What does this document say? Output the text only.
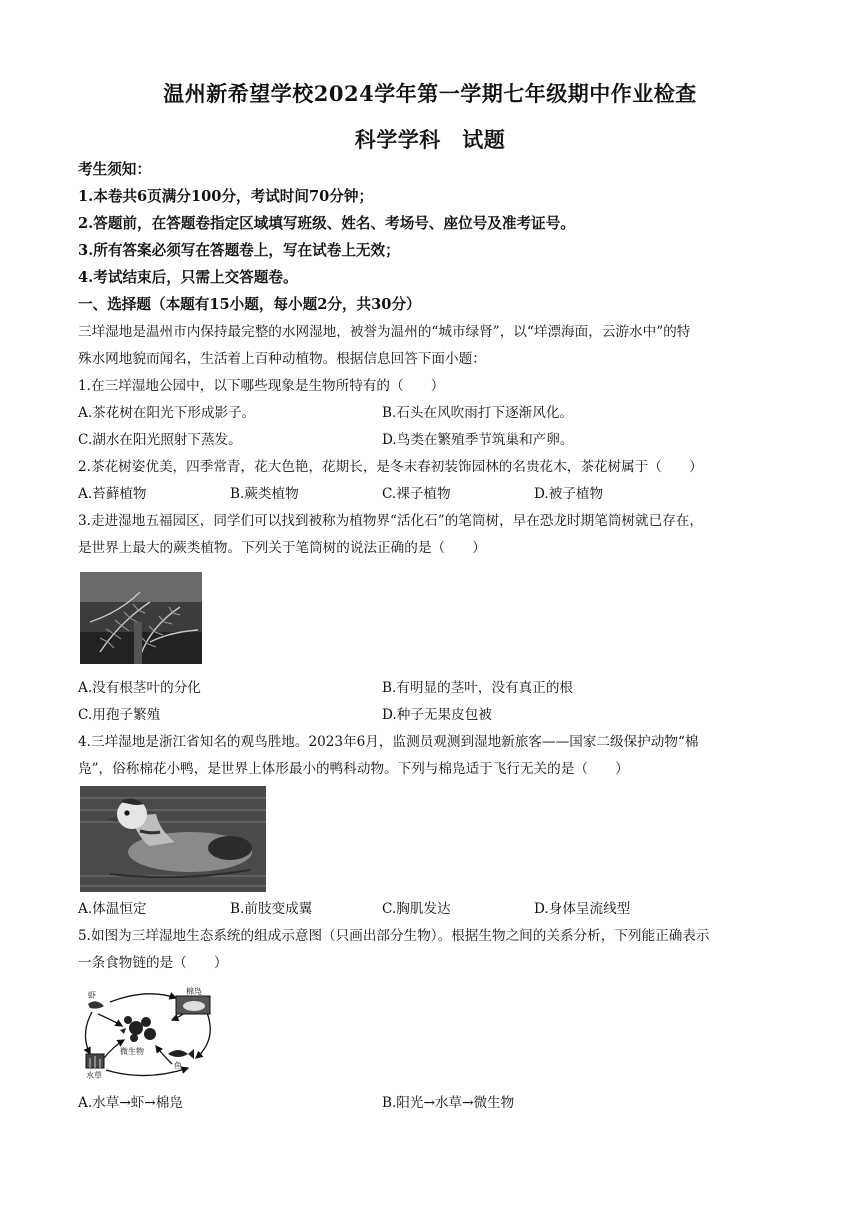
温州新希望学校2024学年第一学期七年级期中作业检查
科学学科　试题
考生须知：
1.本卷共6页满分100分，考试时间70分钟；
2.答题前，在答题卷指定区域填写班级、姓名、考场号、座位号及准考证号。
3.所有答案必须写在答题卷上，写在试卷上无效；
4.考试结束后，只需上交答题卷。
一、选择题（本题有15小题，每小题2分，共30分）
三垟湿地是温州市内保持最完整的水网湿地，被誉为温州的“城市绿肾”，以“垟漂海面，云游水中”的特
殊水网地貌而闻名，生活着上百种动植物。根据信息回答下面小题：
1.在三垟湿地公园中，以下哪些现象是生物所特有的（　　）
A.茶花树在阳光下形成影子。	B.石头在风吹雨打下逐渐风化。
C.湖水在阳光照射下蒸发。	D.鸟类在繁殖季节筑巢和产卵。
2.茶花树姿优美，四季常青，花大色艳，花期长，是冬末春初装饰园林的名贵花木，茶花树属于（　　）
A.苔藓植物	B.蕨类植物	C.裸子植物	D.被子植物
3.走进湿地五福园区，同学们可以找到被称为植物界“活化石”的笔筒树，早在恐龙时期笔筒树就已存在，
是世界上最大的蕨类植物。下列关于笔筒树的说法正确的是（　　）
A.没有根茎叶的分化	B.有明显的茎叶，没有真正的根
C.用孢子繁殖	D.种子无果皮包被
4.三垟湿地是浙江省知名的观鸟胜地。2023年6月，监测员观测到湿地新旅客——国家二级保护动物“棉
凫”，俗称棉花小鸭，是世界上体形最小的鸭科动物。下列与棉凫适于飞行无关的是（　　）
A.体温恒定	B.前肢变成翼	C.胸肌发达	D.身体呈流线型
5.如图为三垟湿地生态系统的组成示意图（只画出部分生物）。根据生物之间的关系分析，下列能正确表示
一条食物链的是（　　）
虾	棉凫
微生物
鱼
水草
A.水草→虾→棉凫	B.阳光→水草→微生物
